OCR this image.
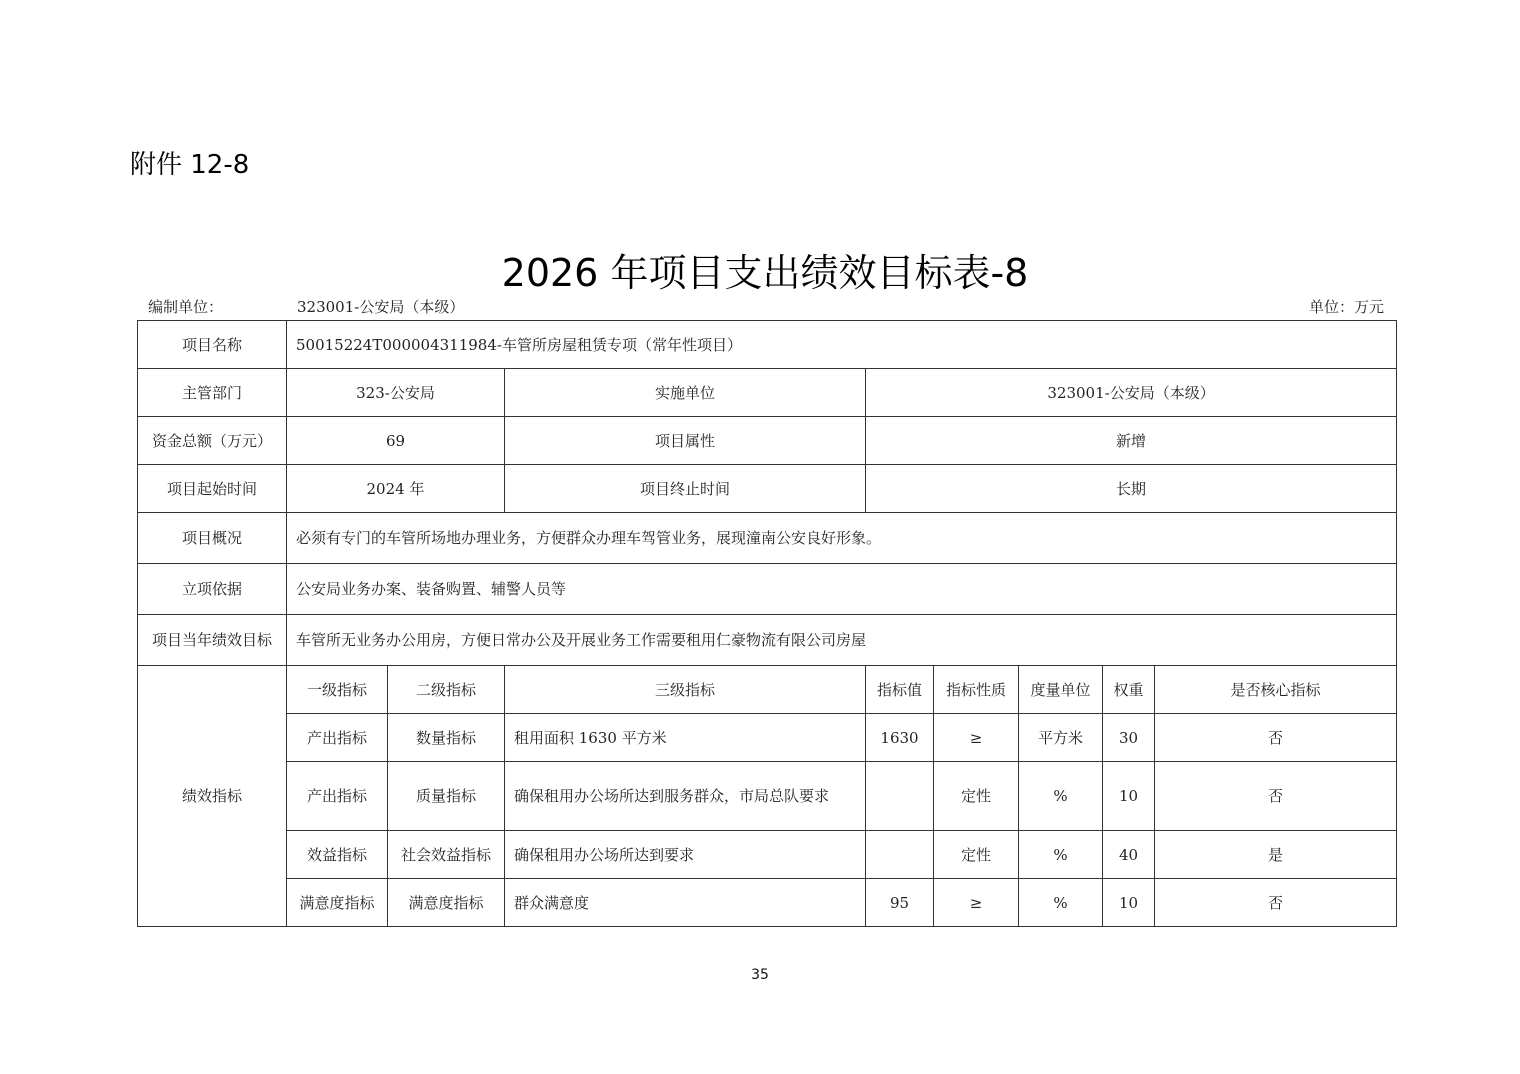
附件 12-8
2026 年项目支出绩效目标表-8
编制单位：	323001-公安局（本级）	单位：万元
项目名称	50015224T000004311984-车管所房屋租赁专项（常年性项目）							
主管部门	323-公安局		实施单位	323001-公安局（本级）				
资金总额（万元）	69		项目属性	新增				
项目起始时间	2024 年		项目终止时间	长期				
项目概况	必须有专门的车管所场地办理业务，方便群众办理车驾管业务，展现潼南公安良好形象。							
立项依据	公安局业务办案、装备购置、辅警人员等							
项目当年绩效目标	车管所无业务办公用房，方便日常办公及开展业务工作需要租用仁豪物流有限公司房屋							
绩效指标	一级指标	二级指标	三级指标	指标值	指标性质	度量单位	权重	是否核心指标
	产出指标	数量指标	租用面积 1630 平方米	1630	≥	平方米	30	否
	产出指标	质量指标	确保租用办公场所达到服务群众，市局总队要求		定性	%	10	否
	效益指标	社会效益指标	确保租用办公场所达到要求		定性	%	40	是
	满意度指标	满意度指标	群众满意度	95	≥	%	10	否
35
